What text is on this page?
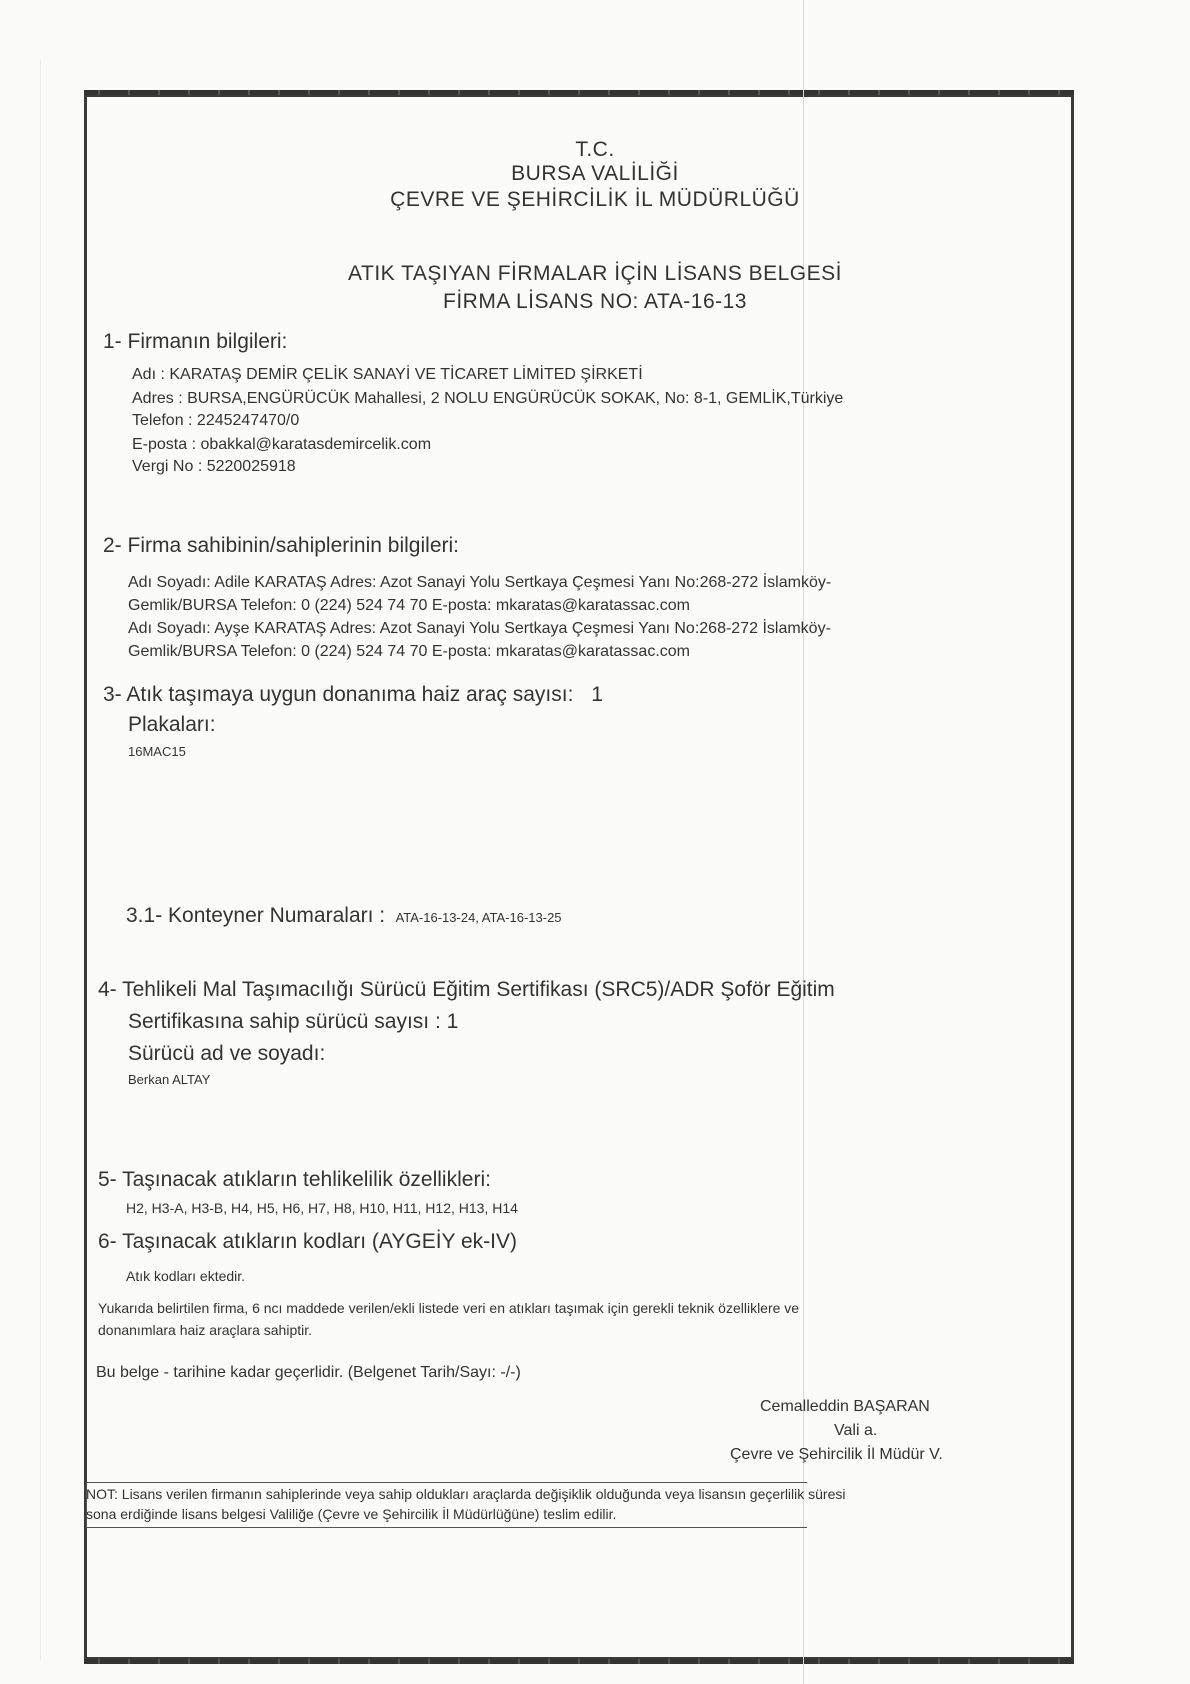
T.C.
BURSA VALİLİĞİ
ÇEVRE VE ŞEHİRCİLİK İL MÜDÜRLÜĞÜ
ATIK TAŞIYAN FİRMALAR İÇİN LİSANS BELGESİ
FİRMA LİSANS NO: ATA-16-13
1- Firmanın bilgileri:
Adı : KARATAŞ DEMİR ÇELİK SANAYİ VE TİCARET LİMİTED ŞİRKETİ
Adres : BURSA,ENGÜRÜCÜK Mahallesi, 2 NOLU ENGÜRÜCÜK SOKAK, No: 8-1, GEMLİK,Türkiye
Telefon : 2245247470/0
E-posta : obakkal@karatasdemircelik.com
Vergi No : 5220025918
2- Firma sahibinin/sahiplerinin bilgileri:
Adı Soyadı: Adile KARATAŞ Adres: Azot Sanayi Yolu Sertkaya Çeşmesi Yanı No:268-272 İslamköy-
Gemlik/BURSA Telefon: 0 (224) 524 74 70 E-posta: mkaratas@karatassac.com
Adı Soyadı: Ayşe KARATAŞ Adres: Azot Sanayi Yolu Sertkaya Çeşmesi Yanı No:268-272 İslamköy-
Gemlik/BURSA Telefon: 0 (224) 524 74 70 E-posta: mkaratas@karatassac.com
3- Atık taşımaya uygun donanıma haiz araç sayısı: 1
Plakaları:
16MAC15
3.1- Konteyner Numaraları : ATA-16-13-24, ATA-16-13-25
4- Tehlikeli Mal Taşımacılığı Sürücü Eğitim Sertifikası (SRC5)/ADR Şoför Eğitim
Sertifikasına sahip sürücü sayısı : 1
Sürücü ad ve soyadı:
Berkan ALTAY
5- Taşınacak atıkların tehlikelilik özellikleri:
H2, H3-A, H3-B, H4, H5, H6, H7, H8, H10, H11, H12, H13, H14
6- Taşınacak atıkların kodları (AYGEİY ek-IV)
Atık kodları ektedir.
Yukarıda belirtilen firma, 6 ncı maddede verilen/ekli listede veri en atıkları taşımak için gerekli teknik özelliklere ve
donanımlara haiz araçlara sahiptir.
Bu belge - tarihine kadar geçerlidir. (Belgenet Tarih/Sayı: -/-)
Cemalleddin BAŞARAN
Vali a.
Çevre ve Şehircilik İl Müdür V.
NOT: Lisans verilen firmanın sahiplerinde veya sahip oldukları araçlarda değişiklik olduğunda veya lisansın geçerlilik süresi
sona erdiğinde lisans belgesi Valiliğe (Çevre ve Şehircilik İl Müdürlüğüne) teslim edilir.
